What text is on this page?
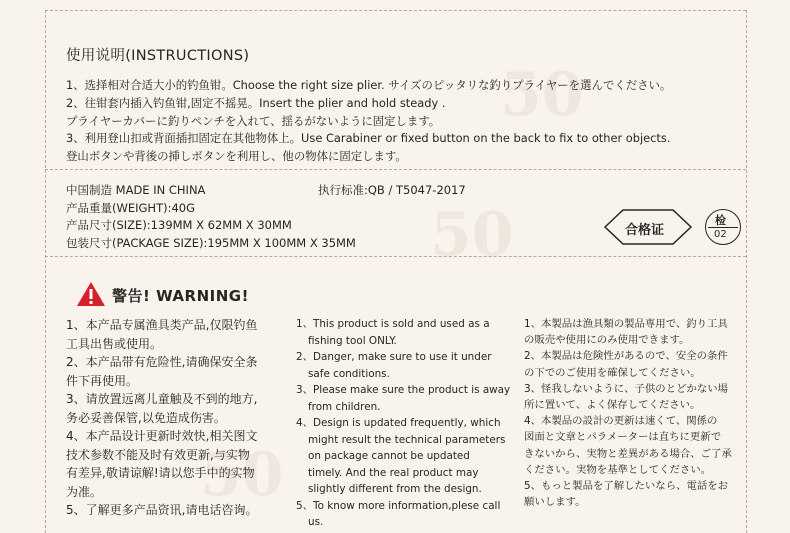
50
50
50
使用说明(INSTRUCTIONS)
1、选择相对合适大小的钓鱼钳。Choose the right size plier. サイズのピッタリな釣りプライヤーを選んでください。
2、往钳套内插入钓鱼钳,固定不摇晃。Insert the plier and hold steady .
プライヤーカバーに釣りペンチを入れて、揺るがないように固定します。
3、利用登山扣或背面插扣固定在其他物体上。Use Carabiner or fixed button on the back to fix to other objects.
登山ボタンや背後の挿しボタンを利用し、他の物体に固定します。
中国制造 MADE IN CHINA
产品重量(WEIGHT):40G
产品尺寸(SIZE):139MM X 62MM X 30MM
包装尺寸(PACKAGE SIZE):195MM X 100MM X 35MM
执行标准:QB / T5047-2017
合格证
检
02
警告! WARNING!
1、本产品专属渔具类产品,仅限钓鱼
工具出售或使用。
2、本产品带有危险性,请确保安全条
件下再使用。
3、请放置远离儿童触及不到的地方,
务必妥善保管,以免造成伤害。
4、本产品设计更新时效快,相关图文
技术参数不能及时有效更新,与实物
有差异,敬请谅解!请以您手中的实物
为准。
5、了解更多产品资讯,请电话咨询。
1、This product is sold and used as a
fishing tool ONLY.
2、Danger, make sure to use it under
safe conditions.
3、Please make sure the product is away
from children.
4、Design is updated frequently, which
might result the technical parameters
on package cannot be updated
timely. And the real product may
slightly different from the design.
5、To know more information,plese call
us.
1、本製品は漁具類の製品専用で、釣り工具
の販売や使用にのみ使用できます。
2、本製品は危険性があるので、安全の条件
の下でのご使用を確保してください。
3、怪我しないように、子供のとどかない場
所に置いて、よく保存してください。
4、本製品の設計の更新は速くて、関係の
図面と文章とパラメーターは直ちに更新で
きないから、実物と差異がある場合、ご了承
ください。実物を基準としてください。
5、もっと製品を了解したいなら、電話をお
願いします。
